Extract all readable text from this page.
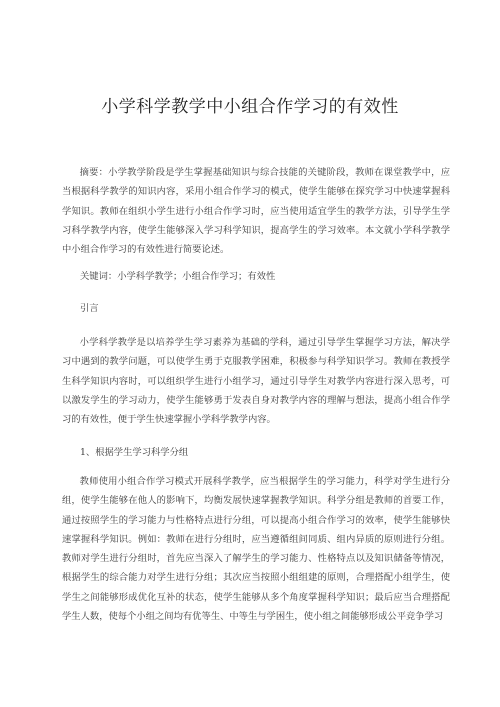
小学科学教学中小组合作学习的有效性

摘要：小学教学阶段是学生掌握基础知识与综合技能的关键阶段，教师在课堂教学中，应当根据科学教学的知识内容，采用小组合作学习的模式，使学生能够在探究学习中快速掌握科学知识。教师在组织小学生进行小组合作学习时，应当使用适宜学生的教学方法，引导学生学习科学教学内容，使学生能够深入学习科学知识，提高学生的学习效率。本文就小学科学教学中小组合作学习的有效性进行简要论述。

关键词：小学科学教学；小组合作学习；有效性

引言

小学科学教学是以培养学生学习素养为基础的学科，通过引导学生掌握学习方法，解决学习中遇到的教学问题，可以使学生勇于克服教学困难，积极参与科学知识学习。教师在教授学生科学知识内容时，可以组织学生进行小组学习，通过引导学生对教学内容进行深入思考，可以激发学生的学习动力，使学生能够勇于发表自身对教学内容的理解与想法，提高小组合作学习的有效性，便于学生快速掌握小学科学教学内容。

1、根据学生学习科学分组

教师使用小组合作学习模式开展科学教学，应当根据学生的学习能力，科学对学生进行分组，使学生能够在他人的影响下，均衡发展快速掌握教学知识。科学分组是教师的首要工作，通过按照学生的学习能力与性格特点进行分组，可以提高小组合作学习的效率，使学生能够快速掌握科学知识。例如：教师在进行分组时，应当遵循组间同质、组内异质的原则进行分组。教师对学生进行分组时，首先应当深入了解学生的学习能力、性格特点以及知识储备等情况，根据学生的综合能力对学生进行分组；其次应当按照小组组建的原则，合理搭配小组学生，使学生之间能够形成优化互补的状态，使学生能够从多个角度掌握科学知识；最后应当合理搭配学生人数，使每个小组之间均有优等生、中等生与学困生，使小组之间能够形成公平竞争学习
